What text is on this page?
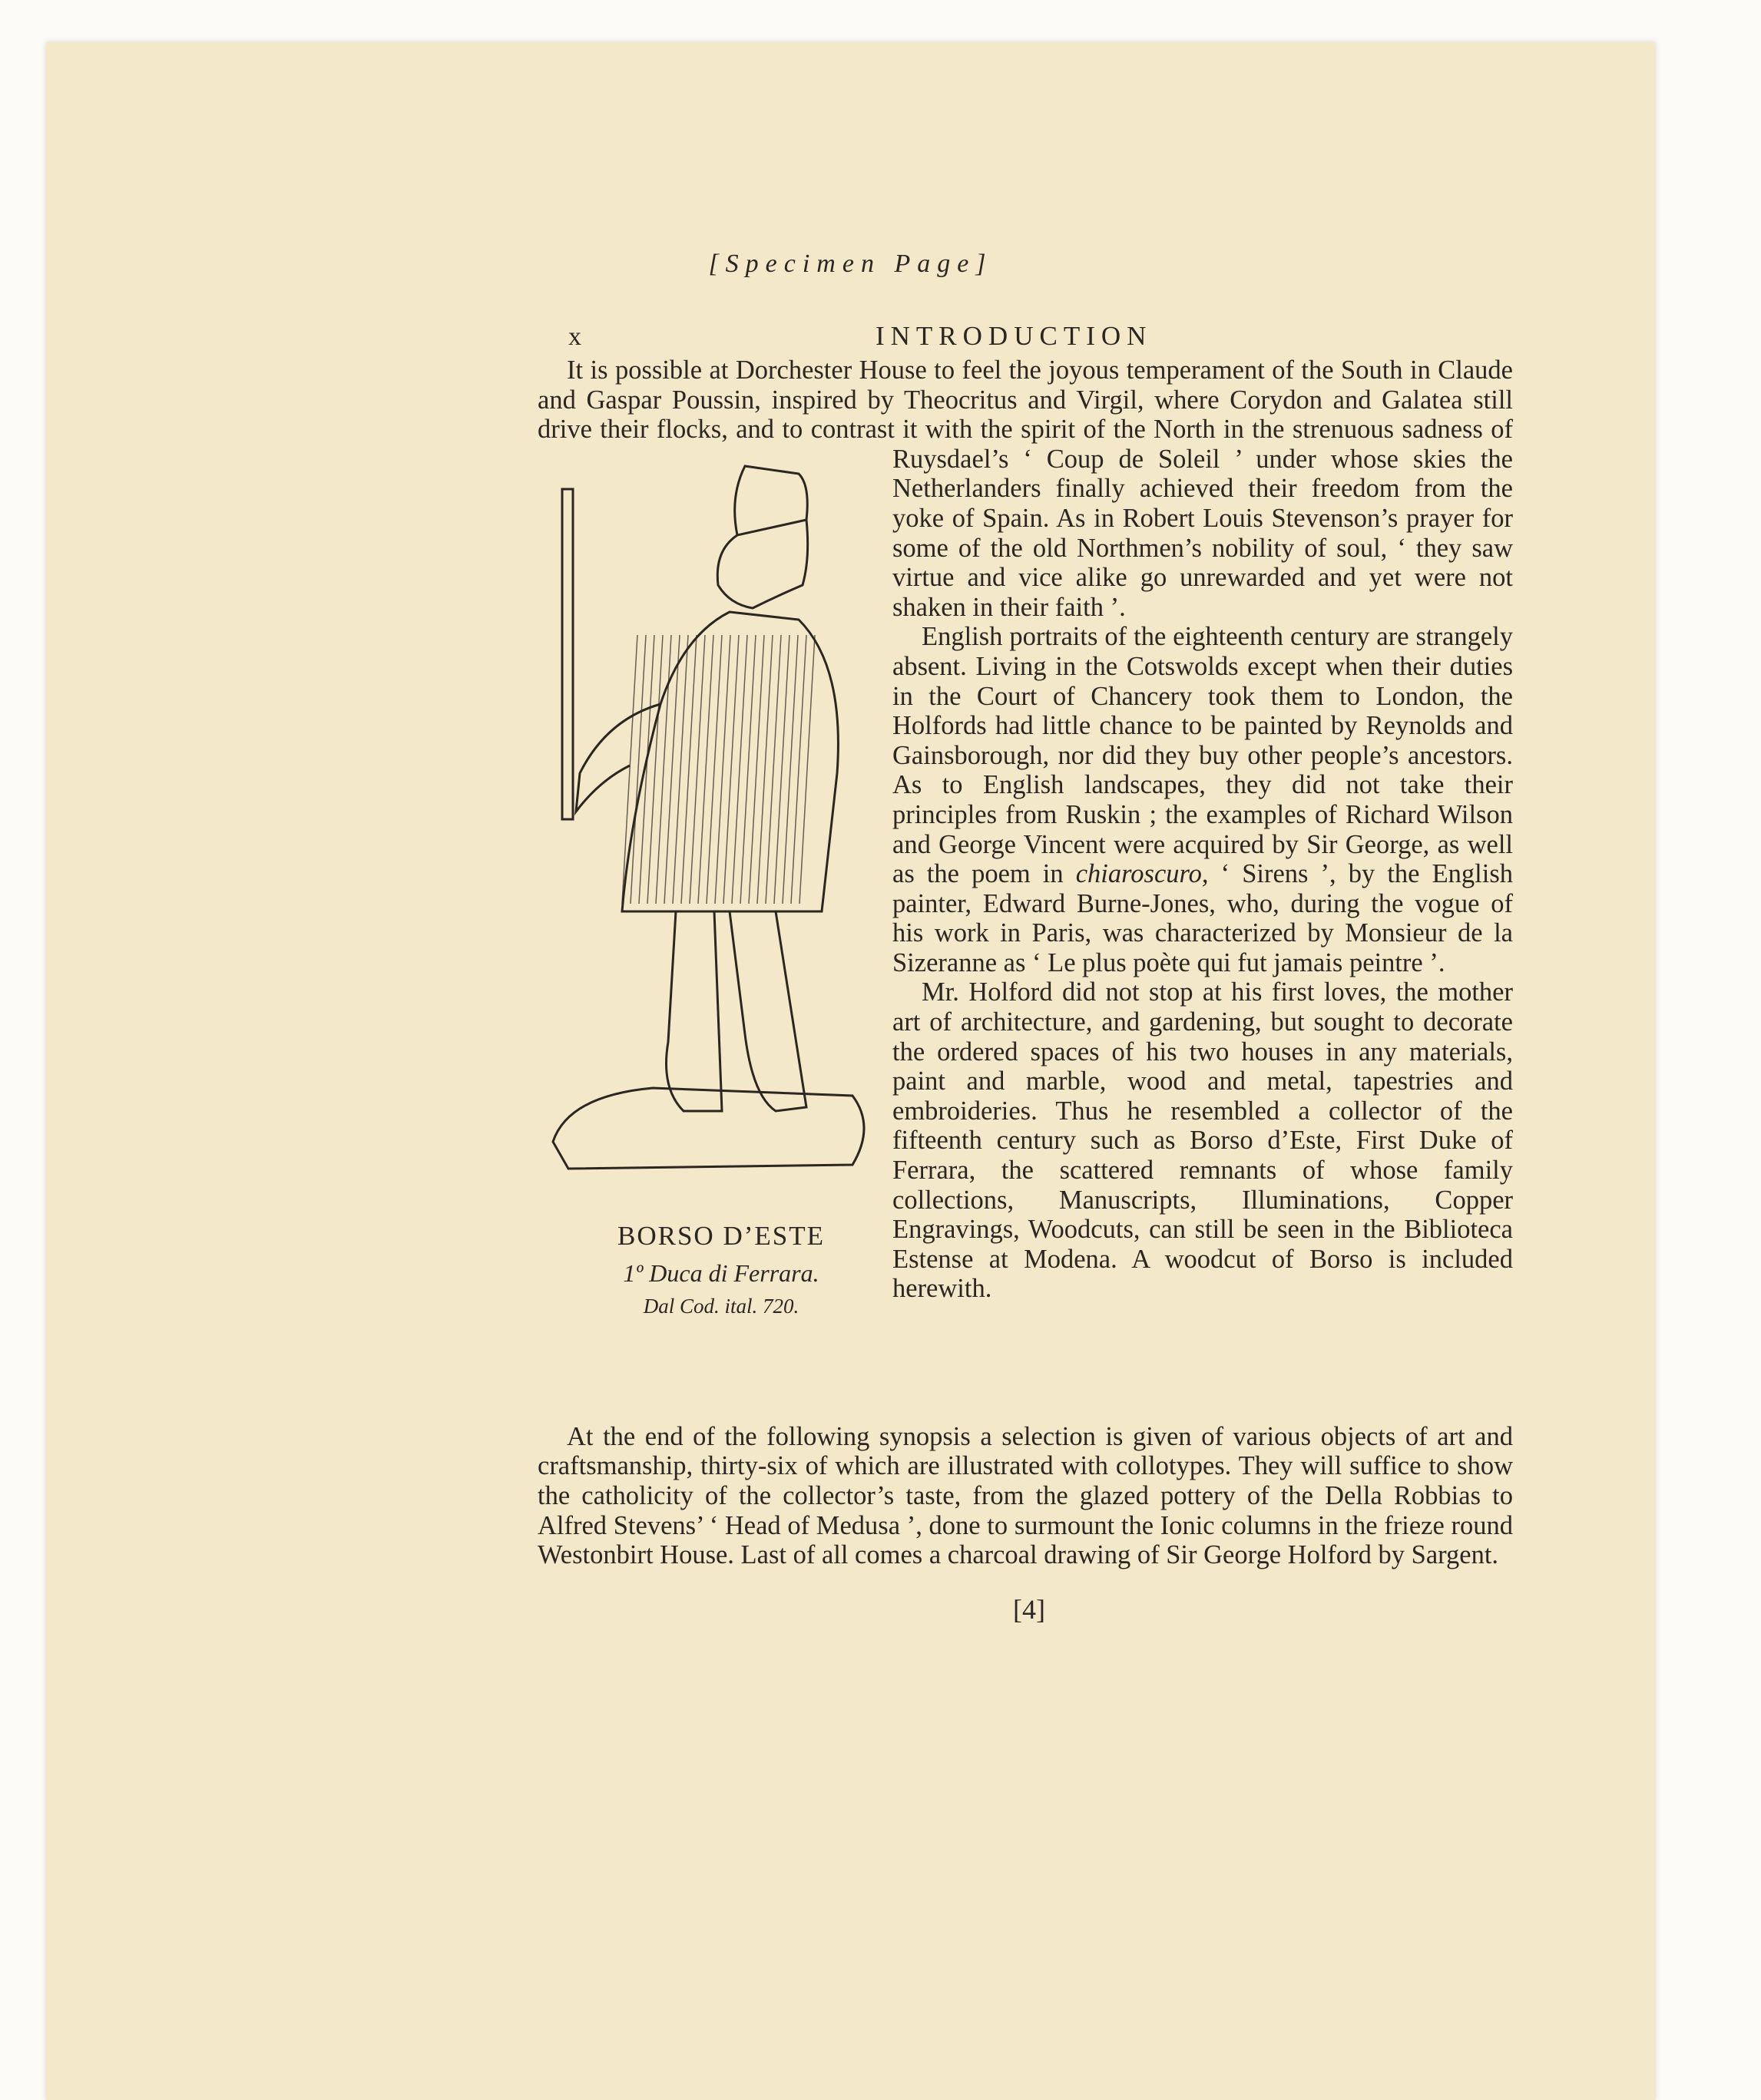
[Specimen Page]
x	INTRODUCTION

It is possible at Dorchester House to feel the joyous temperament of the South in Claude and Gaspar Poussin, inspired by Theocritus and Virgil, where Corydon and Galatea still drive their flocks, and to contrast it with the spirit of the North in the strenuous sadness of Ruysdael’s ‘ Coup de Soleil ’ under
BORSO D’ESTE
1º Duca di Ferrara.
Dal Cod. ital. 720.
whose skies the Netherlanders finally achieved their freedom from the yoke of Spain. As in Robert Louis Stevenson’s prayer for some of the old Northmen’s nobility of soul, ‘ they saw virtue and vice alike go unrewarded and yet were not shaken in their faith ’.

English portraits of the eighteenth century are strangely absent. Living in the Cotswolds except when their duties in the Court of Chancery took them to London, the Holfords had little chance to be painted by Reynolds and Gainsborough, nor did they buy other people’s ancestors. As to English landscapes, they did not take their principles from Ruskin ; the examples of Richard Wilson and George Vincent were acquired by Sir George, as well as the poem in chiaroscuro, ‘ Sirens ’, by the English painter, Edward Burne-Jones, who, during the vogue of his work in Paris, was characterized by Monsieur de la Sizeranne as ‘ Le plus poète qui fut jamais peintre ’.

Mr. Holford did not stop at his first loves, the mother art of architecture, and gardening, but sought to decorate the ordered spaces of his two houses in any materials, paint and marble, wood and metal, tapestries and embroideries. Thus he resembled a collector of the fifteenth century such as Borso d’Este, First Duke of Ferrara, the scattered remnants of whose family collections, Manuscripts, Illuminations, Copper Engravings, Woodcuts, can still be seen in the Biblioteca Estense at Modena. A woodcut of Borso is included herewith.

At the end of the following synopsis a selection is given of various objects of art and craftsmanship, thirty-six of which are illustrated with collotypes. They will suffice to show the catholicity of the collector’s taste, from the glazed pottery of the Della Robbias to Alfred Stevens’ ‘ Head of Medusa ’, done to surmount the Ionic columns in the frieze round Westonbirt House. Last of all comes a charcoal drawing of Sir George Holford by Sargent.

[4]
